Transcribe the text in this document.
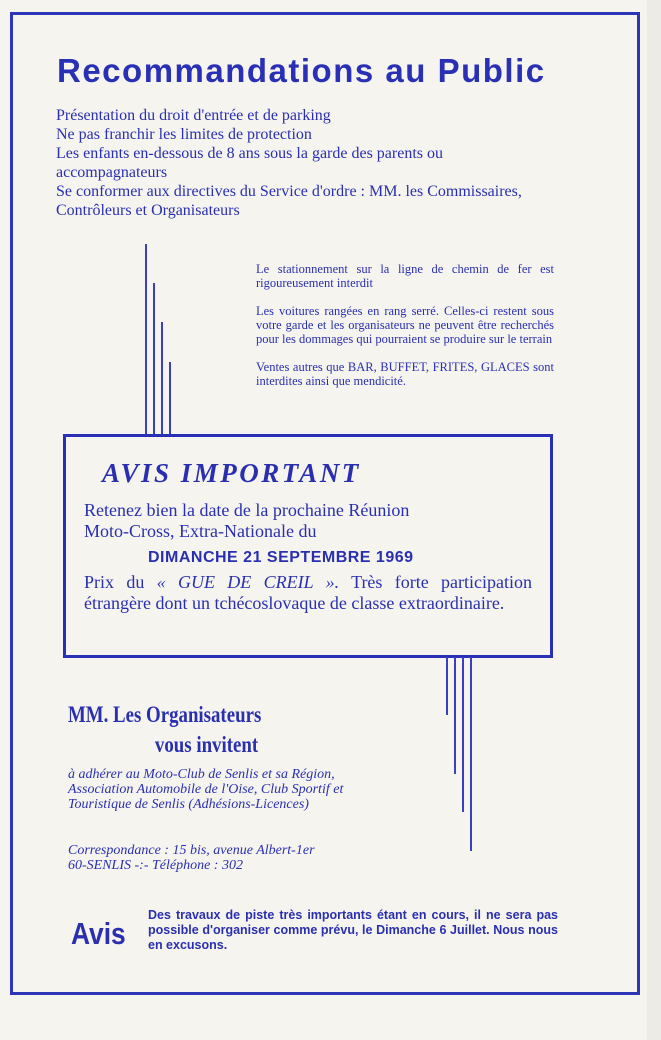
Recommandations au Public
Présentation du droit d'entrée et de parking
Ne pas franchir les limites de protection
Les enfants en-dessous de 8 ans sous la garde des parents ou accompagnateurs
Se conformer aux directives du Service d'ordre : MM. les Commissaires, Contrôleurs et Organisateurs

Le stationnement sur la ligne de chemin de fer est rigoureusement interdit

Les voitures rangées en rang serré. Celles-ci restent sous votre garde et les organisateurs ne peuvent être recherchés pour les dommages qui pourraient se produire sur le terrain

Ventes autres que BAR, BUFFET, FRITES, GLACES sont interdites ainsi que mendicité.

AVIS IMPORTANT
Retenez bien la date de la prochaine Réunion
Moto-Cross, Extra-Nationale du
DIMANCHE 21 SEPTEMBRE 1969
Prix du « GUE DE CREIL ». Très forte participation étrangère dont un tchécoslovaque de classe extraordinaire.
MM. Les Organisateurs
vous invitent
à adhérer au Moto-Club de Senlis et sa Région, Association Automobile de l'Oise, Club Sportif et Touristique de Senlis (Adhésions-Licences)
Correspondance : 15 bis, avenue Albert-1er
60-SENLIS -:- Téléphone : 302
Avis
Des travaux de piste très importants étant en cours, il ne sera pas possible d'organiser comme prévu, le Dimanche 6 Juillet. Nous nous en excusons.
